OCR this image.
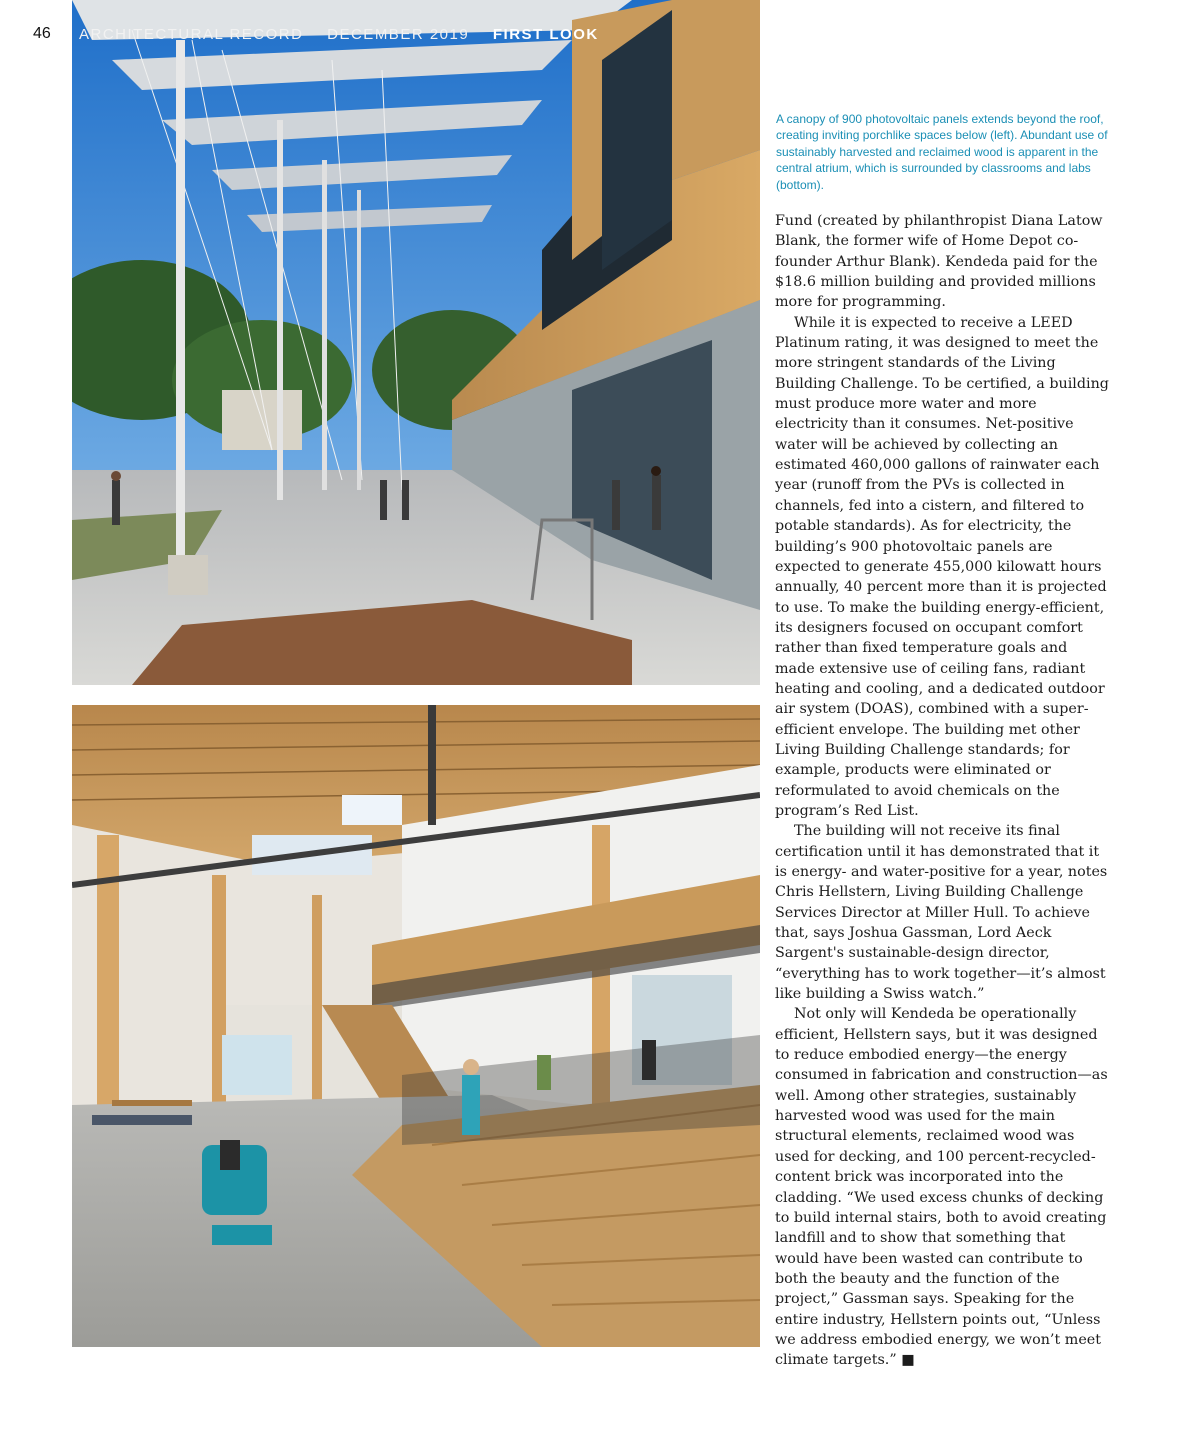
46 ARCHITECTURAL RECORD DECEMBER 2019 FIRST LOOK
A canopy of 900 photovoltaic panels extends beyond the roof, creating inviting porchlike spaces below (left). Abundant use of sustainably harvested and reclaimed wood is apparent in the central atrium, which is surrounded by classrooms and labs (bottom).

Fund (created by philanthropist Diana Latow Blank, the former wife of Home Depot co-founder Arthur Blank). Kendeda paid for the $18.6 million building and provided millions more for programming.

While it is expected to receive a LEED Platinum rating, it was designed to meet the more stringent standards of the Living Building Challenge. To be certified, a building must produce more water and more electricity than it consumes. Net-positive water will be achieved by collecting an estimated 460,000 gallons of rainwater each year (runoff from the PVs is collected in channels, fed into a cistern, and filtered to potable standards). As for electricity, the building’s 900 photovoltaic panels are expected to generate 455,000 kilowatt hours annually, 40 percent more than it is projected to use. To make the building energy-efficient, its designers focused on occupant comfort rather than fixed temperature goals and made extensive use of ceiling fans, radiant heating and cooling, and a dedicated outdoor air system (DOAS), combined with a super-efficient envelope. The building met other Living Building Challenge standards; for example, products were eliminated or reformulated to avoid chemicals on the program’s Red List.

The building will not receive its final certification until it has demonstrated that it is energy- and water-positive for a year, notes Chris Hellstern, Living Building Challenge Services Director at Miller Hull. To achieve that, says Joshua Gassman, Lord Aeck Sargent's sustainable-design director, “everything has to work together—it’s almost like building a Swiss watch.”

Not only will Kendeda be operationally efficient, Hellstern says, but it was designed to reduce embodied energy—the energy consumed in fabrication and construction—as well. Among other strategies, sustainably harvested wood was used for the main structural elements, reclaimed wood was used for decking, and 100 percent-recycled-content brick was incorporated into the cladding. “We used excess chunks of decking to build internal stairs, both to avoid creating landfill and to show that something that would have been wasted can contribute to both the beauty and the function of the project,” Gassman says. Speaking for the entire industry, Hellstern points out, “Unless we address embodied energy, we won’t meet climate targets.” ■
